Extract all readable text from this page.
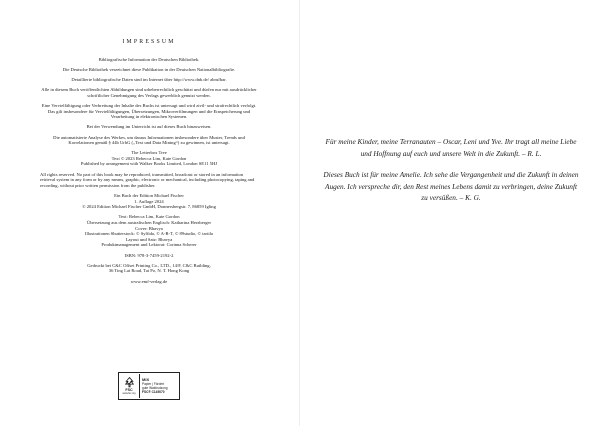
IMPRESSUM

Bibliografische Information der Deutschen Bibliothek.

Die Deutsche Bibliothek verzeichnet diese Publikation in der Deutschen Nationalbibliografie.

Detaillierte bibliografische Daten sind im Internet über http://www.dnb.de/ abrufbar.

Alle in diesem Buch veröffentlichten Abbildungen sind urheberrechtlich geschützt und dürfen nur mit ausdrücklicher schriftlicher Genehmigung des Verlags gewerblich genutzt werden.

Eine Vervielfältigung oder Verbreitung der Inhalte des Buchs ist untersagt und wird zivil- und strafrechtlich verfolgt. Das gilt insbesondere für Vervielfältigungen, Übersetzungen, Mikroverfilmungen und die Einspeicherung und Verarbeitung in elektronischen Systemen.

Bei der Verwendung im Unterricht ist auf dieses Buch hinzuweisen.

Die automatisierte Analyse des Werkes, um daraus Informationen insbesondere über Muster, Trends und Korrelationen gemäß § 44b UrhG („Text und Data Mining“) zu gewinnen, ist untersagt.

The Letterbox Tree
Text © 2023 Rebecca Lim, Kate Gordon
Published by arrangement with Walker Books Limited, London SE11 5HJ

All rights reserved. No part of this book may be reproduced, transmitted, broadcast or stored in an information retrieval system in any form or by any means, graphic, electronic or mechanical, including photocopying, taping and recording, without prior written permission from the publisher.

Ein Buch der Edition Michael Fischer
1. Auflage 2024
© 2024 Edition Michael Fischer GmbH, Donnersbergstr. 7, 86859 Igling

Text: Rebecca Lim, Kate Gordon
Übersetzung aus dem australischen Englisch: Katharina Herzberger
Cover: Bhavya
Illustrationen Shutterstock: © Sylfida, © A-R-T, © 89studio, © tartila
Layout und Satz: Bhavya
Produktmanagement und Lektorat: Corinna Scherer

ISBN: 978-3-7459-2192-2

Gedruckt bei C&C Offset Printing Co., LTD., 14/F, C&C Building,
36 Ting Lai Road, Tai Po, N. T. Hong Kong

www.emf-verlag.de

FSC
www.fsc.org
MIX
Papier | Fördert
gute Waldnutzung
FSC® C145070

Für meine Kinder, meine Terranauten – Oscar, Leni und Yve. Ihr tragt all meine Liebe und Hoffnung auf euch und unsere Welt in die Zukunft. – R. L.

Dieses Buch ist für meine Amelie. Ich sehe die Vergangenheit und die Zukunft in deinen Augen. Ich verspreche dir, den Rest meines Lebens damit zu verbringen, deine Zukunft zu versüßen. – K. G.
